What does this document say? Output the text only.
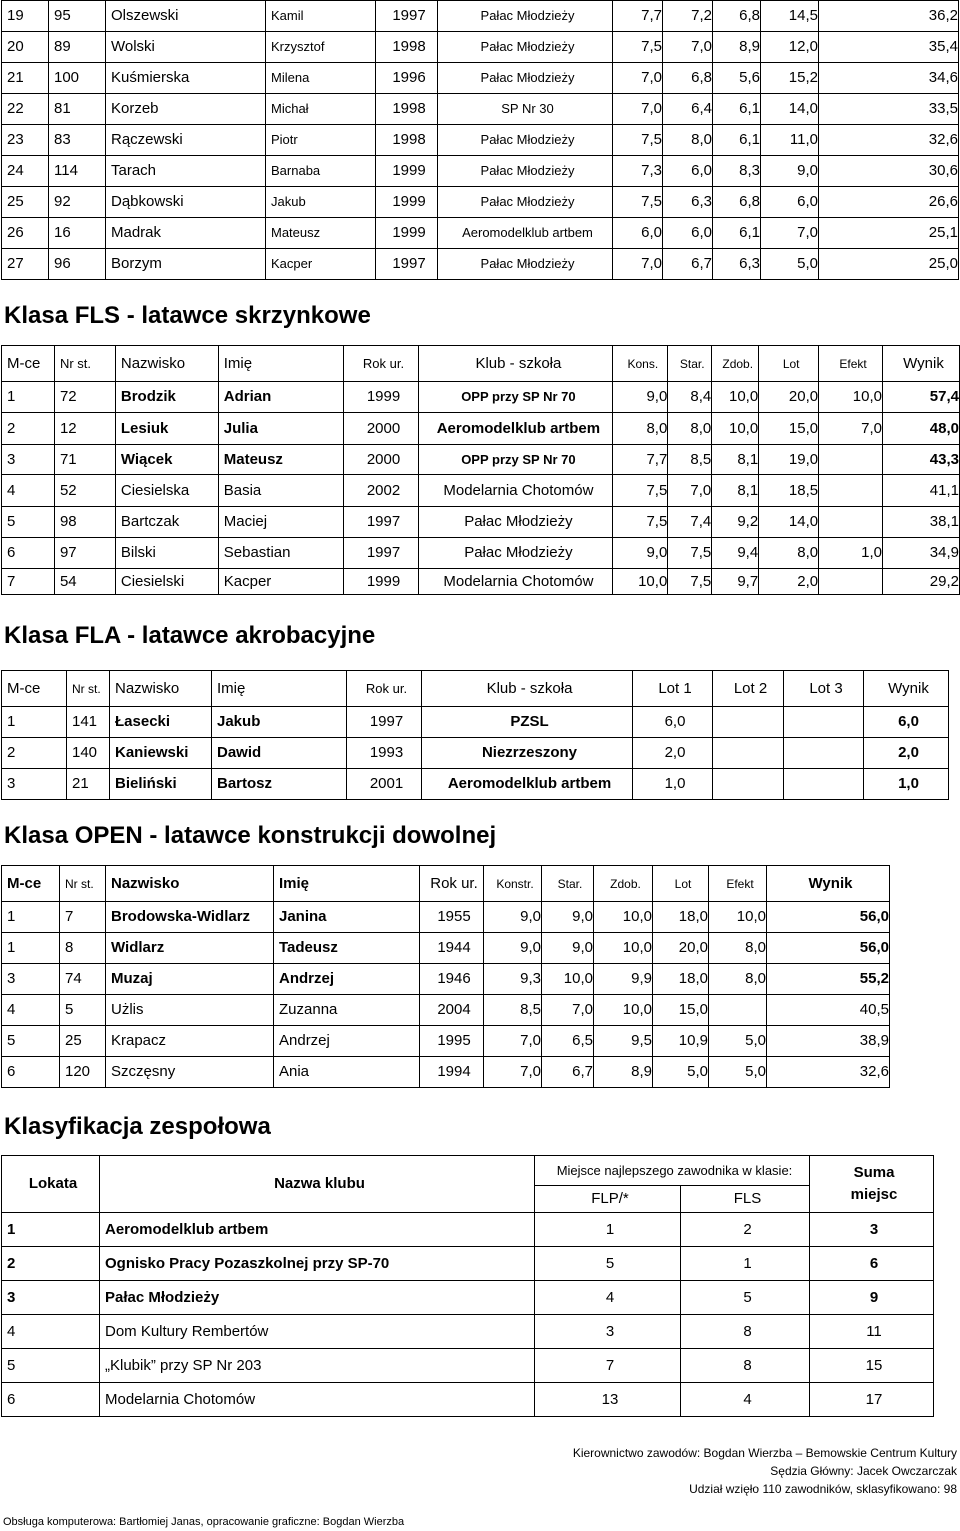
19	95	Olszewski	Kamil	1997	Pałac Młodzieży	7,7	7,2	6,8	14,5	36,2
20	89	Wolski	Krzysztof	1998	Pałac Młodzieży	7,5	7,0	8,9	12,0	35,4
21	100	Kuśmierska	Milena	1996	Pałac Młodzieży	7,0	6,8	5,6	15,2	34,6
22	81	Korzeb	Michał	1998	SP Nr 30	7,0	6,4	6,1	14,0	33,5
23	83	Rączewski	Piotr	1998	Pałac Młodzieży	7,5	8,0	6,1	11,0	32,6
24	114	Tarach	Barnaba	1999	Pałac Młodzieży	7,3	6,0	8,3	9,0	30,6
25	92	Dąbkowski	Jakub	1999	Pałac Młodzieży	7,5	6,3	6,8	6,0	26,6
26	16	Madrak	Mateusz	1999	Aeromodelklub artbem	6,0	6,0	6,1	7,0	25,1
27	96	Borzym	Kacper	1997	Pałac Młodzieży	7,0	6,7	6,3	5,0	25,0
Klasa FLS - latawce skrzynkowe
M-ce	Nr st.	Nazwisko	Imię	Rok ur.	Klub - szkoła	Kons.	Star.	Zdob.	Lot	Efekt	Wynik
1	72	Brodzik	Adrian	1999	OPP przy SP Nr 70	9,0	8,4	10,0	20,0	10,0	57,4
2	12	Lesiuk	Julia	2000	Aeromodelklub artbem	8,0	8,0	10,0	15,0	7,0	48,0
3	71	Wiącek	Mateusz	2000	OPP przy SP Nr 70	7,7	8,5	8,1	19,0		43,3
4	52	Ciesielska	Basia	2002	Modelarnia Chotomów	7,5	7,0	8,1	18,5		41,1
5	98	Bartczak	Maciej	1997	Pałac Młodzieży	7,5	7,4	9,2	14,0		38,1
6	97	Bilski	Sebastian	1997	Pałac Młodzieży	9,0	7,5	9,4	8,0	1,0	34,9
7	54	Ciesielski	Kacper	1999	Modelarnia Chotomów	10,0	7,5	9,7	2,0		29,2
Klasa FLA - latawce akrobacyjne
M-ce	Nr st.	Nazwisko	Imię	Rok ur.	Klub - szkoła	Lot 1	Lot 2	Lot 3	Wynik
1	141	Łasecki	Jakub	1997	PZSL	6,0			6,0
2	140	Kaniewski	Dawid	1993	Niezrzeszony	2,0			2,0
3	21	Bieliński	Bartosz	2001	Aeromodelklub artbem	1,0			1,0
Klasa OPEN - latawce konstrukcji dowolnej
M-ce	Nr st.	Nazwisko	Imię	Rok ur.	Konstr.	Star.	Zdob.	Lot	Efekt	Wynik
1	7	Brodowska-Widlarz	Janina	1955	9,0	9,0	10,0	18,0	10,0	56,0
1	8	Widlarz	Tadeusz	1944	9,0	9,0	10,0	20,0	8,0	56,0
3	74	Muzaj	Andrzej	1946	9,3	10,0	9,9	18,0	8,0	55,2
4	5	Użlis	Zuzanna	2004	8,5	7,0	10,0	15,0		40,5
5	25	Krapacz	Andrzej	1995	7,0	6,5	9,5	10,9	5,0	38,9
6	120	Szczęsny	Ania	1994	7,0	6,7	8,9	5,0	5,0	32,6
Klasyfikacja zespołowa
Lokata	Nazwa klubu	Miejsce najlepszego zawodnika w klasie:		Suma miejsc
		FLP/*	FLS	
1	Aeromodelklub artbem	1	2	3
2	Ognisko Pracy Pozaszkolnej przy SP-70	5	1	6
3	Pałac Młodzieży	4	5	9
4	Dom Kultury Rembertów	3	8	11
5	„Klubik” przy SP Nr 203	7	8	15
6	Modelarnia Chotomów	13	4	17
Kierownictwo zawodów: Bogdan Wierzba – Bemowskie Centrum Kultury
Sędzia Główny: Jacek Owczarczak
Udział wzięło 110 zawodników, sklasyfikowano: 98
Obsługa komputerowa: Bartłomiej Janas, opracowanie graficzne: Bogdan Wierzba
